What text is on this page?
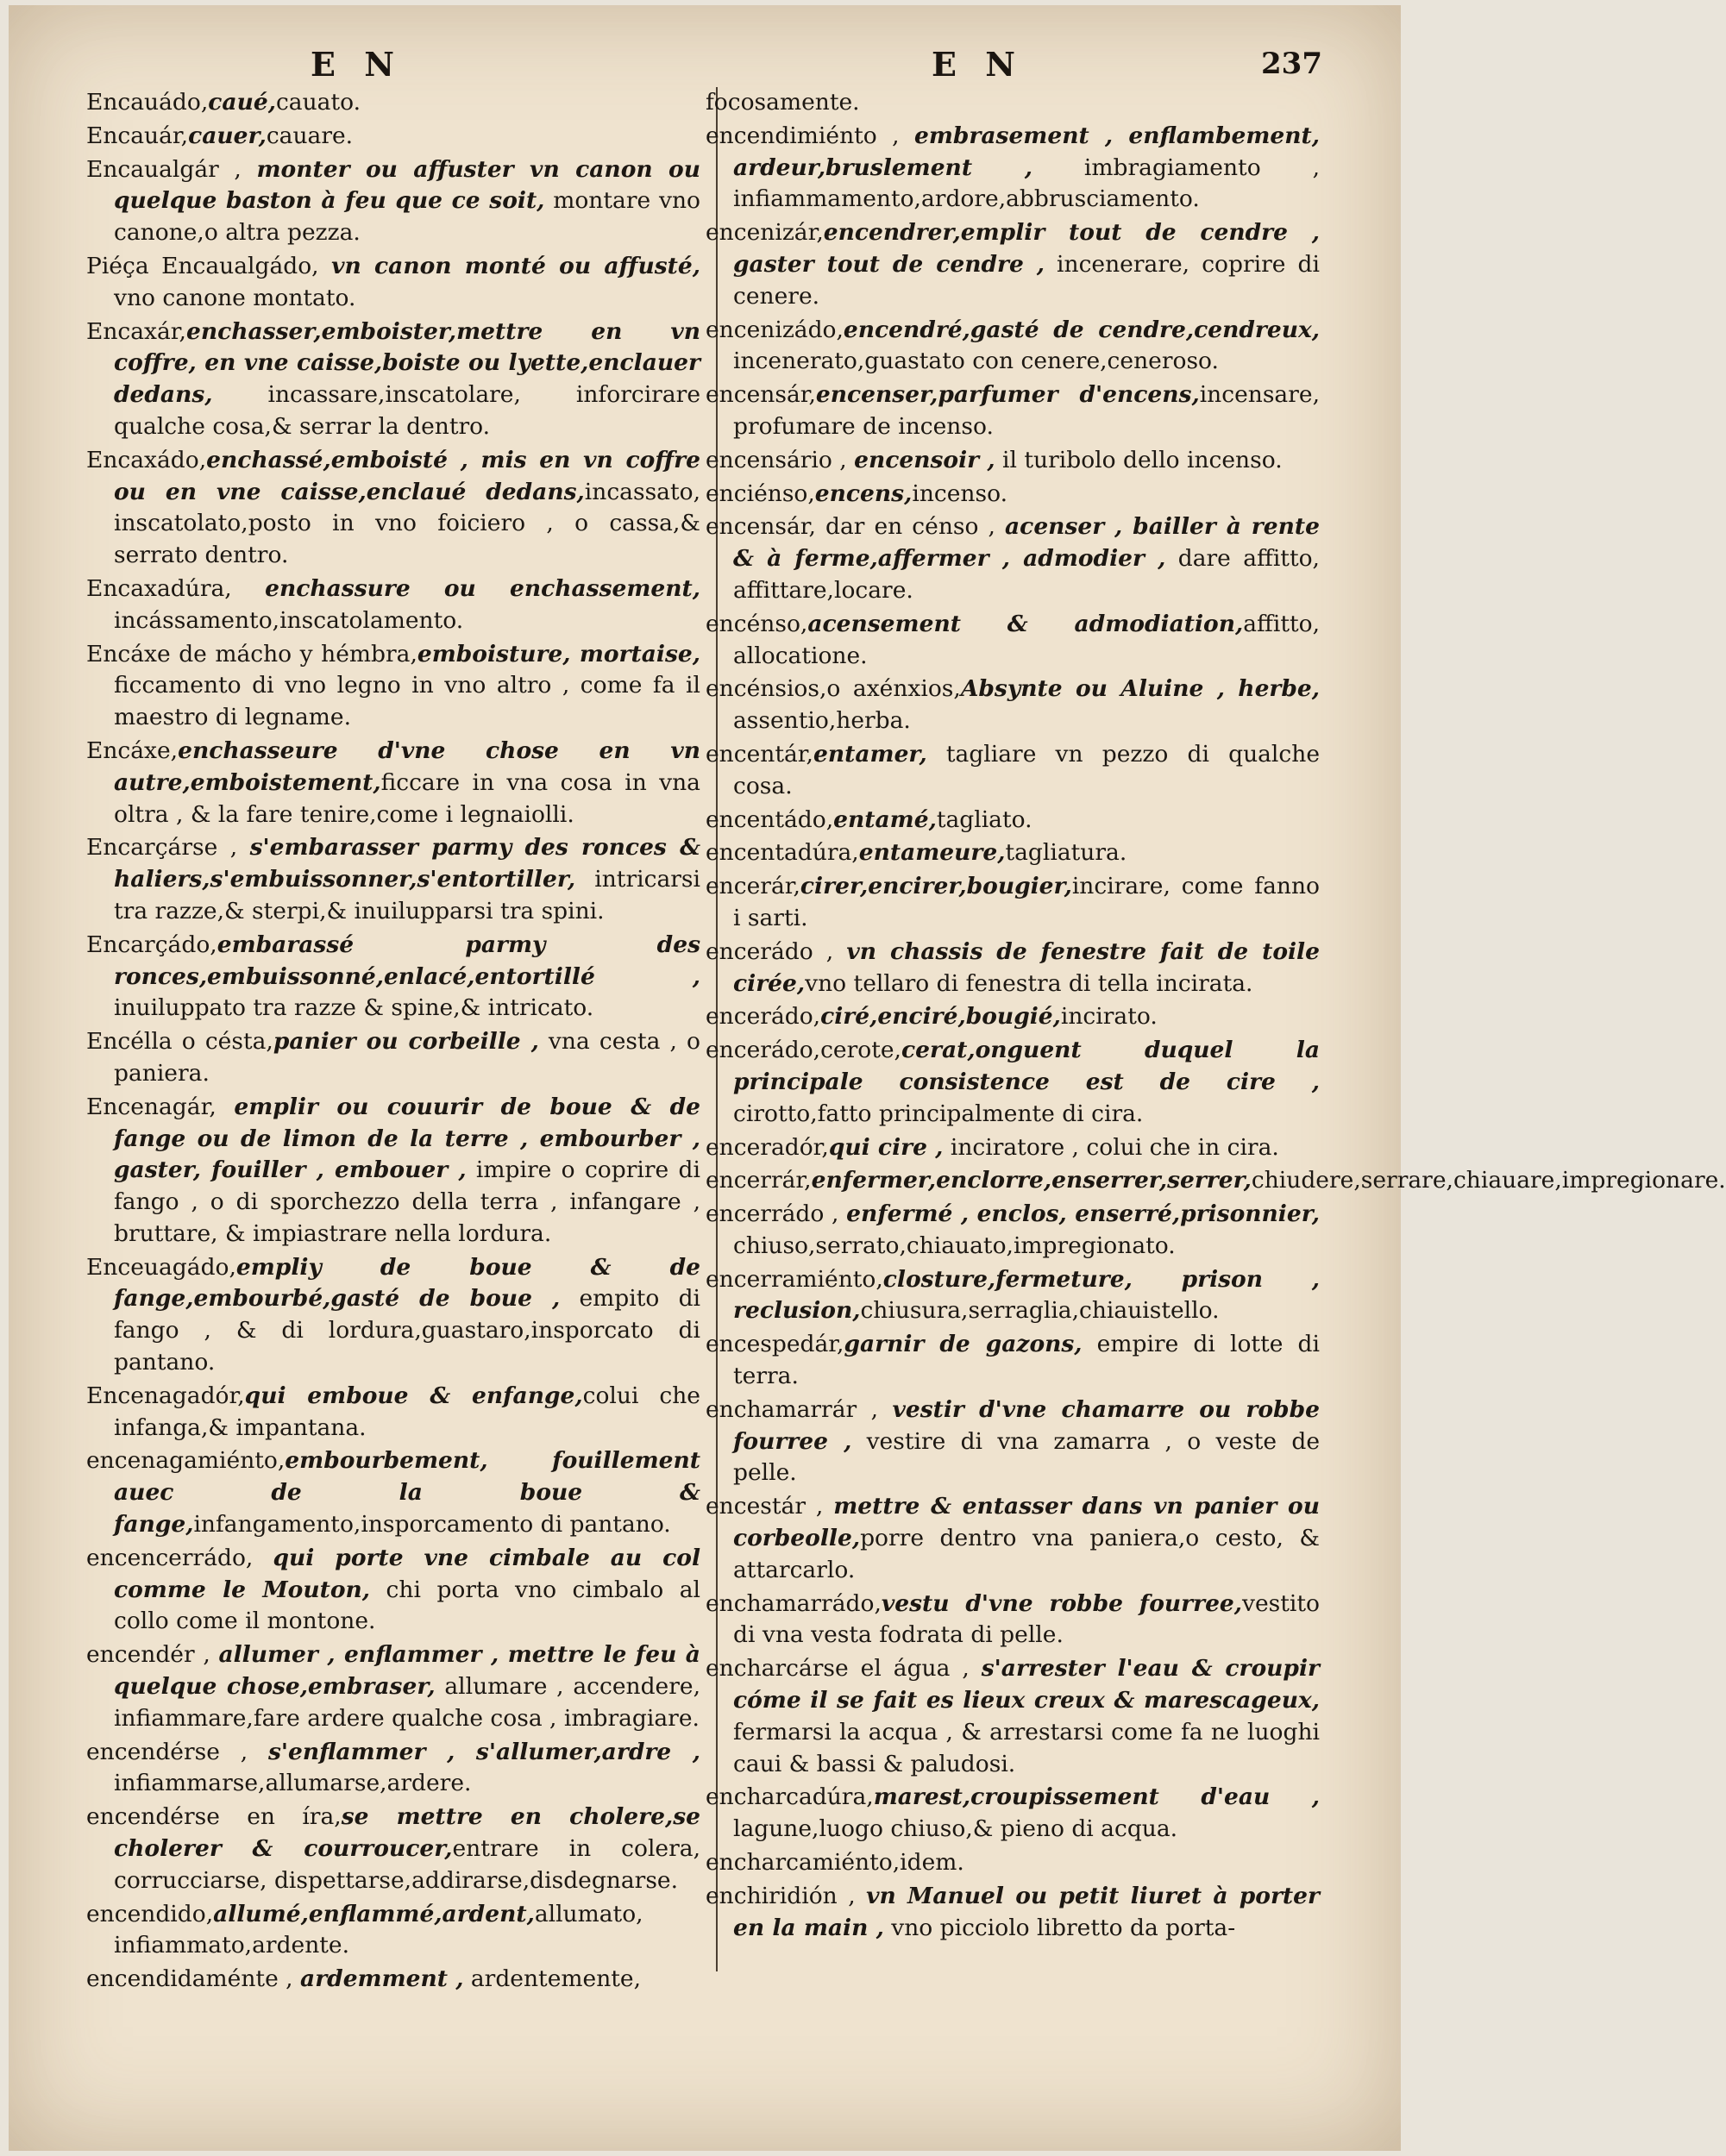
E N	E N	237

Encauádo,caué,cauato.

Encauár,cauer,cauare.

Encaualgár , monter ou affuster vn canon ou quelque baston à feu que ce soit, montare vno canone,o altra pezza.

Piéça Encaualgádo, vn canon monté ou affusté, vno canone montato.

Encaxár,enchasser,emboister,mettre en vn coffre, en vne caisse,boiste ou lyette,enclauer dedans, incassare,inscatolare, inforcirare qualche cosa,& serrar la dentro.

Encaxádo,enchassé,emboisté , mis en vn coffre ou en vne caisse,enclaué dedans,incassato, inscatolato,posto in vno foiciero , o cassa,& serrato dentro.

Encaxadúra, enchassure ou enchassement, incássamento,inscatolamento.

Encáxe de mácho y hémbra,emboisture, mortaise, ficcamento di vno legno in vno altro , come fa il maestro di legname.

Encáxe,enchasseure d'vne chose en vn autre,emboistement,ficcare in vna cosa in vna oltra , & la fare tenire,come i legnaiolli.

Encarçárse , s'embarasser parmy des ronces & haliers,s'embuissonner,s'entortiller, intricarsi tra razze,& sterpi,& inuilupparsi tra spini.

Encarçádo,embarassé parmy des ronces,embuissonné,enlacé,entortillé , inuiluppato tra razze & spine,& intricato.

Encélla o césta,panier ou corbeille , vna cesta , o paniera.

Encenagár, emplir ou couurir de boue & de fange ou de limon de la terre , embourber , gaster, fouiller , embouer , impire o coprire di fango , o di sporchezzo della terra , infangare , bruttare, & impiastrare nella lordura.

Enceuagádo,empliy de boue & de fange,embourbé,gasté de boue , empito di fango , & di lordura,guastaro,insporcato di pantano.

Encenagadór,qui emboue & enfange,colui che infanga,& impantana.

encenagamiénto,embourbement, fouillement auec de la boue & fange,infangamento,insporcamento di pantano.

encencerrádo, qui porte vne cimbale au col comme le Mouton, chi porta vno cimbalo al collo come il montone.

encendér , allumer , enflammer , mettre le feu à quelque chose,embraser, allumare , accendere, infiammare,fare ardere qualche cosa , imbragiare.

encendérse , s'enflammer , s'allumer,ardre , infiammarse,allumarse,ardere.

encendérse en íra,se mettre en cholere,se cholerer & courroucer,entrare in colera, corrucciarse, dispettarse,addirarse,disdegnarse.

encendido,allumé,enflammé,ardent,allumato, infiammato,ardente.

encendidaménte , ardemment , ardentemente,

focosamente.

encendimiénto , embrasement , enflambement, ardeur,bruslement , imbragiamento , infiammamento,ardore,abbrusciamento.

encenizár,encendrer,emplir tout de cendre , gaster tout de cendre , incenerare, coprire di cenere.

encenizádo,encendré,gasté de cendre,cendreux, incenerato,guastato con cenere,ceneroso.

encensár,encenser,parfumer d'encens,incensare, profumare de incenso.

encensário , encensoir , il turibolo dello incenso.

enciénso,encens,incenso.

encensár, dar en cénso , acenser , bailler à rente & à ferme,affermer , admodier , dare affitto, affittare,locare.

encénso,acensement & admodiation,affitto, allocatione.

encénsios,o axénxios,Absynte ou Aluine , herbe, assentio,herba.

encentár,entamer, tagliare vn pezzo di qualche cosa.

encentádo,entamé,tagliato.

encentadúra,entameure,tagliatura.

encerár,cirer,encirer,bougier,incirare, come fanno i sarti.

encerádo , vn chassis de fenestre fait de toile cirée,vno tellaro di fenestra di tella incirata.

encerádo,ciré,enciré,bougié,incirato.

encerádo,cerote,cerat,onguent duquel la principale consistence est de cire , cirotto,fatto principalmente di cira.

enceradór,qui cire , inciratore , colui che in cira.

encerrár,enfermer,enclorre,enserrer,serrer,chiudere,serrare,chiauare,impregionare.

encerrádo , enfermé , enclos, enserré,prisonnier, chiuso,serrato,chiauato,impregionato.

encerramiénto,closture,fermeture, prison , reclusion,chiusura,serraglia,chiauistello.

encespedár,garnir de gazons, empire di lotte di terra.

enchamarrár , vestir d'vne chamarre ou robbe fourree , vestire di vna zamarra , o veste de pelle.

encestár , mettre & entasser dans vn panier ou corbeolle,porre dentro vna paniera,o cesto, & attarcarlo.

enchamarrádo,vestu d'vne robbe fourree,vestito di vna vesta fodrata di pelle.

encharcárse el água , s'arrester l'eau & croupir cóme il se fait es lieux creux & marescageux, fermarsi la acqua , & arrestarsi come fa ne luoghi caui & bassi & paludosi.

encharcadúra,marest,croupissement d'eau , lagune,luogo chiuso,& pieno di acqua.

encharcamiénto,idem.

enchiridión , vn Manuel ou petit liuret à porter en la main , vno picciolo libretto da porta-
